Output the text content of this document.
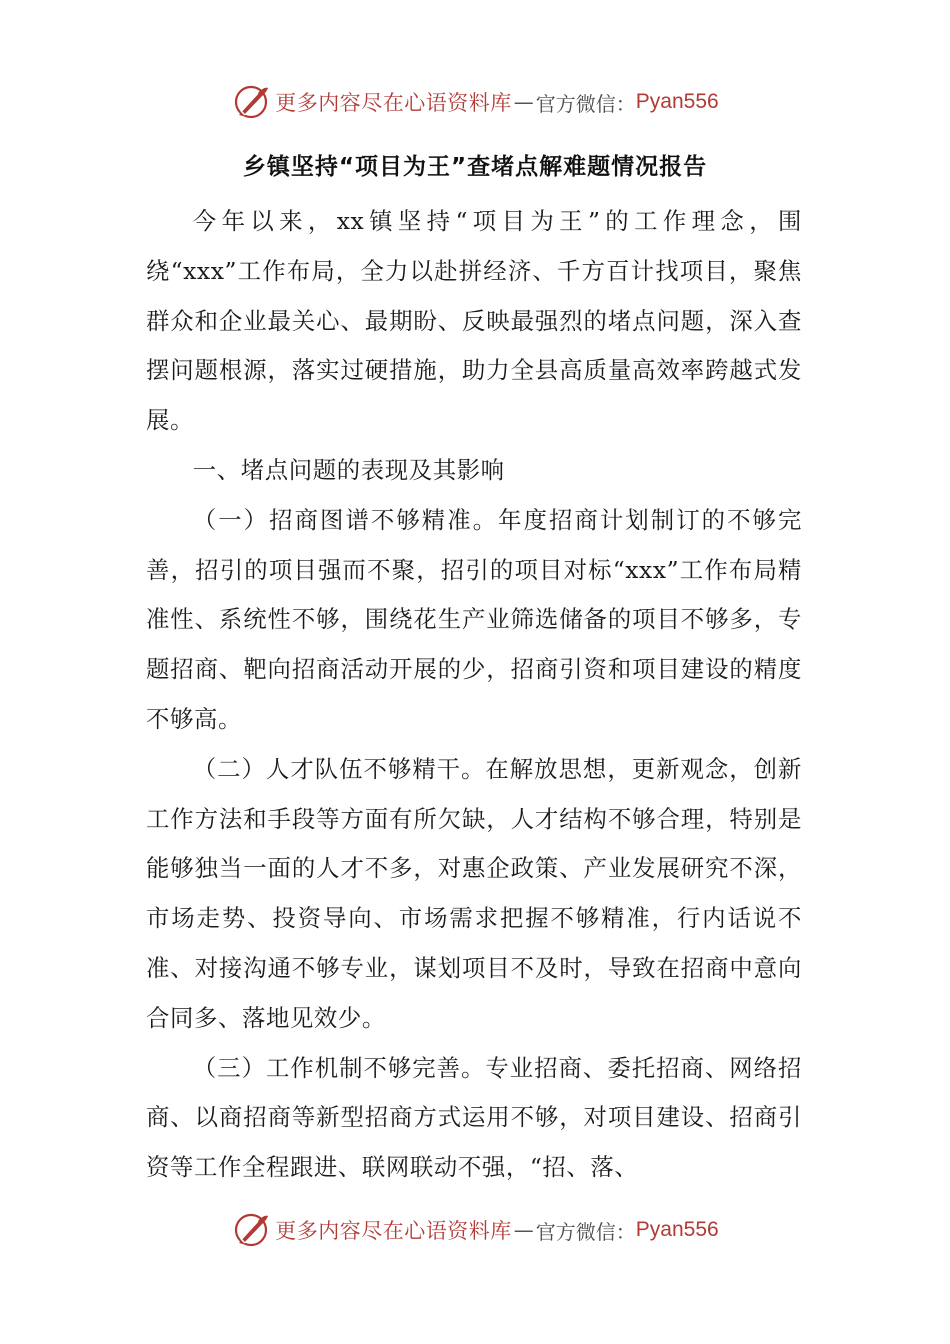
更多内容尽在心语资料库 — 官方微信： Pyan556
乡镇坚持“项目为王”查堵点解难题情况报告

今年以来，xx镇坚持“项目为王”的工作理念，围绕“xxx”工作布局，全力以赴拼经济、千方百计找项目，聚焦群众和企业最关心、最期盼、反映最强烈的堵点问题，深入查摆问题根源，落实过硬措施，助力全县高质量高效率跨越式发展。

一、堵点问题的表现及其影响

（一）招商图谱不够精准。年度招商计划制订的不够完善，招引的项目强而不聚，招引的项目对标“xxx”工作布局精准性、系统性不够，围绕花生产业筛选储备的项目不够多，专题招商、靶向招商活动开展的少，招商引资和项目建设的精度不够高。

（二）人才队伍不够精干。在解放思想，更新观念，创新工作方法和手段等方面有所欠缺，人才结构不够合理，特别是能够独当一面的人才不多，对惠企政策、产业发展研究不深，市场走势、投资导向、市场需求把握不够精准，行内话说不准、对接沟通不够专业，谋划项目不及时，导致在招商中意向合同多、落地见效少。

（三）工作机制不够完善。专业招商、委托招商、网络招商、以商招商等新型招商方式运用不够，对项目建设、招商引资等工作全程跟进、联网联动不强，“招、落、

更多内容尽在心语资料库 — 官方微信： Pyan556
